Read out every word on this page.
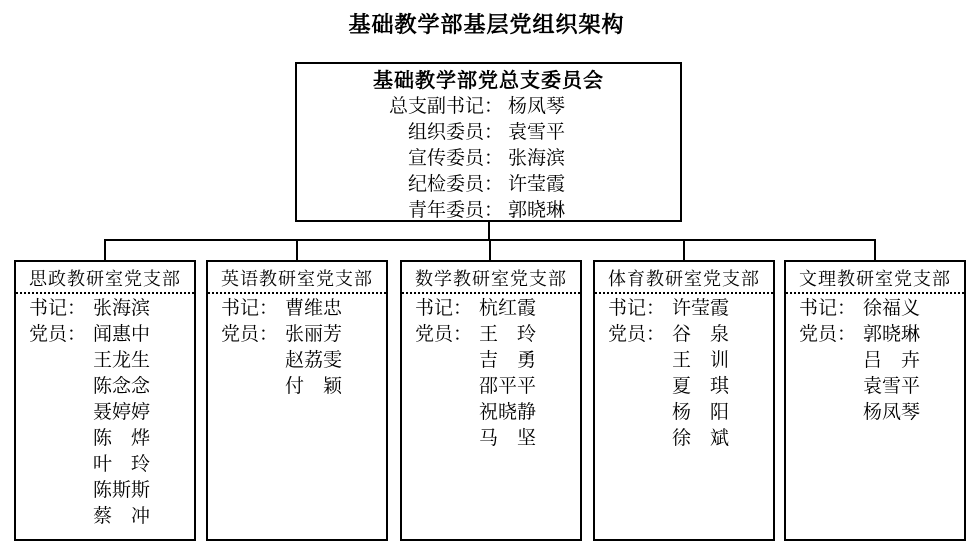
基础教学部基层党组织架构
基础教学部党总支委员会
总支副书记： 杨凤琴
组织委员： 袁雪平
宣传委员： 张海滨
纪检委员： 许莹霞
青年委员： 郭晓琳
思政教研室党支部
书记： 张海滨
党员： 闻惠中
王龙生
陈念念
聂婷婷
陈　烨
叶　玲
陈斯斯
蔡　冲
英语教研室党支部
书记： 曹维忠
党员： 张丽芳
赵荔雯
付　颖
数学教研室党支部
书记： 杭红霞
党员： 王　玲
吉　勇
邵平平
祝晓静
马　坚
体育教研室党支部
书记： 许莹霞
党员： 谷　泉
王　训
夏　琪
杨　阳
徐　斌
文理教研室党支部
书记： 徐福义
党员： 郭晓琳
吕　卉
袁雪平
杨凤琴
